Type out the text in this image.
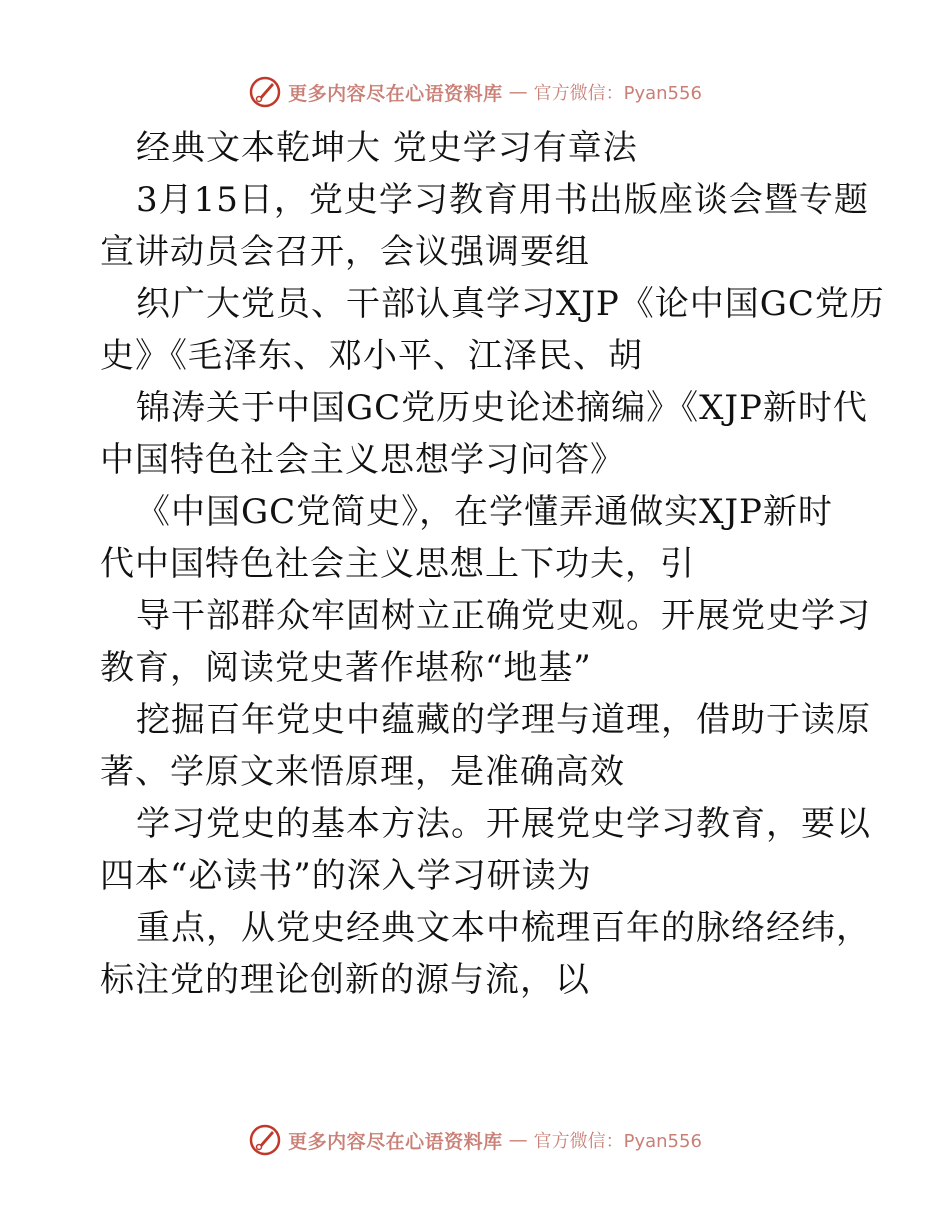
更多内容尽在心语资料库 — 官方微信：Pyan556
经典文本乾坤大 党史学习有章法
3月15日，党史学习教育用书出版座谈会暨专题
宣讲动员会召开，会议强调要组
织广大党员、干部认真学习XJP《论中国GC党历
史》《毛泽东、邓小平、江泽民、胡
锦涛关于中国GC党历史论述摘编》《XJP新时代
中国特色社会主义思想学习问答》
《中国GC党简史》，在学懂弄通做实XJP新时
代中国特色社会主义思想上下功夫，引
导干部群众牢固树立正确党史观。开展党史学习
教育，阅读党史著作堪称“地基”
挖掘百年党史中蕴藏的学理与道理，借助于读原
著、学原文来悟原理，是准确高效
学习党史的基本方法。开展党史学习教育，要以
四本“必读书”的深入学习研读为
重点，从党史经典文本中梳理百年的脉络经纬，
标注党的理论创新的源与流，以
更多内容尽在心语资料库 — 官方微信：Pyan556
